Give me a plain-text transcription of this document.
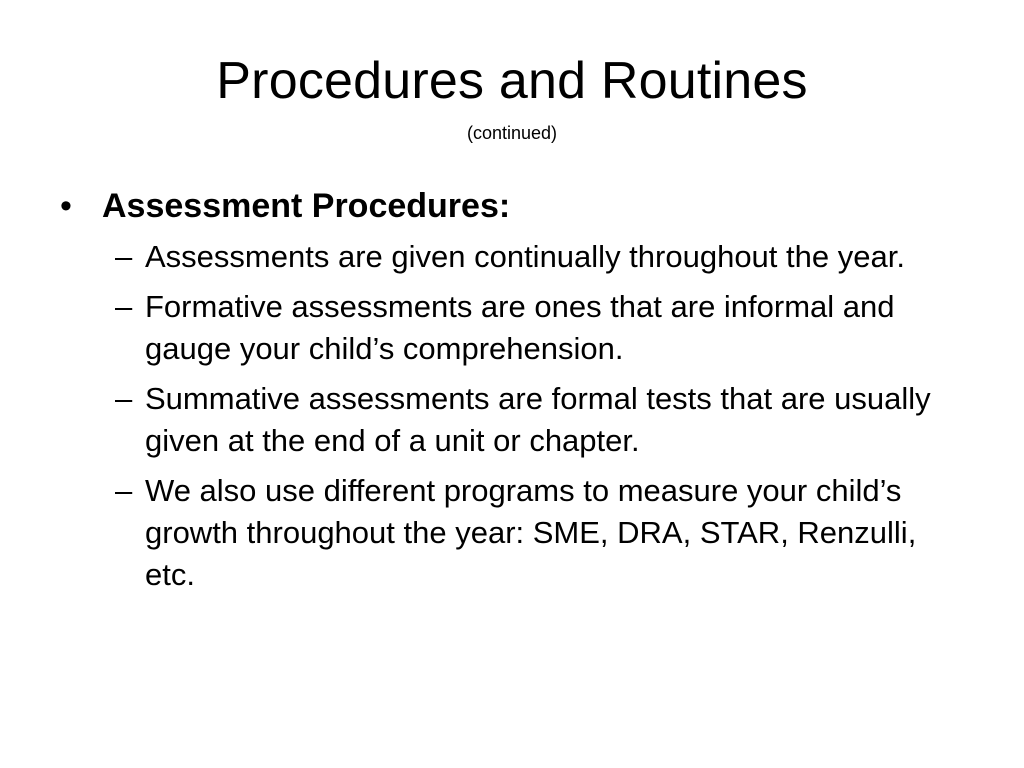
Procedures and Routines
(continued)
• Assessment Procedures:
– Assessments are given continually throughout the year.
– Formative assessments are ones that are informal and gauge your child’s comprehension.
– Summative assessments are formal tests that are usually given at the end of a unit or chapter.
– We also use different programs to measure your child’s growth throughout the year: SME, DRA, STAR, Renzulli, etc.
